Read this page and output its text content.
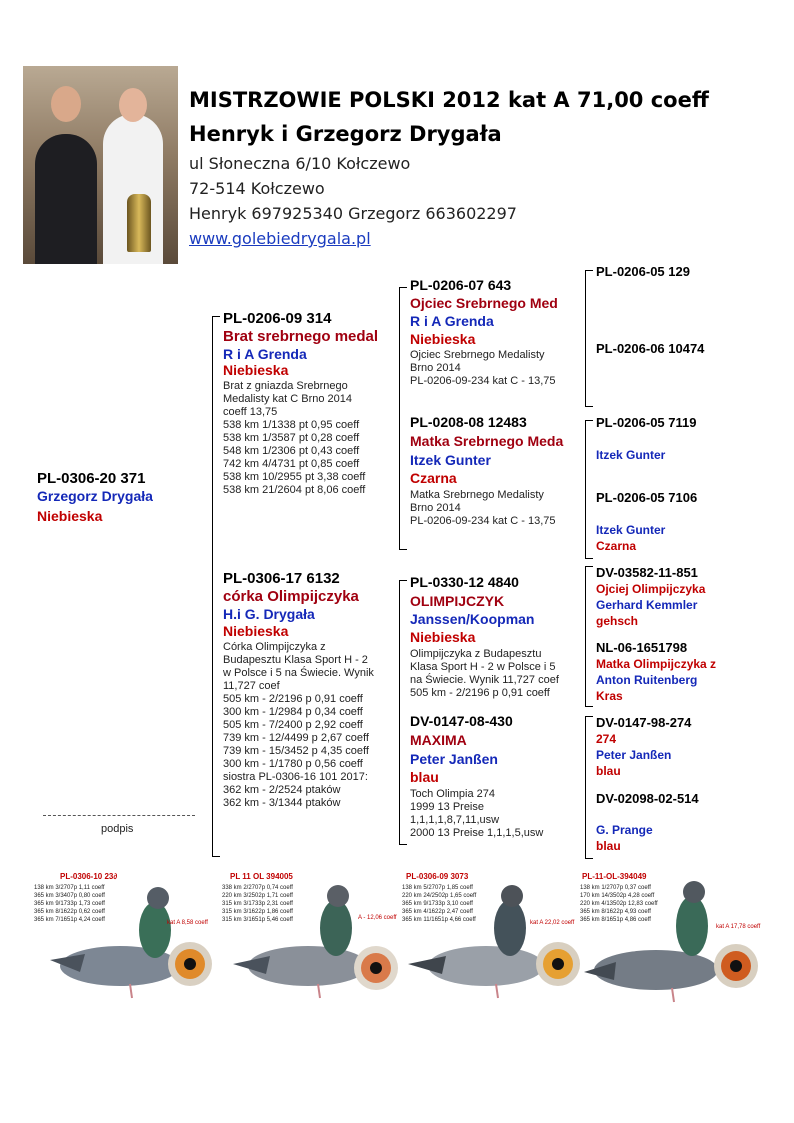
MISTRZOWIE POLSKI 2012 kat A 71,00 coeff
Henryk i Grzegorz Drygała
ul Słoneczna 6/10 Kołczewo
72-514 Kołczewo
Henryk 697925340 Grzegorz 663602297
www.golebiedrygala.pl
PL-0306-20 371
Grzegorz Drygała
Niebieska
PL-0206-09 314
Brat srebrnego medal
R i A Grenda
Niebieska
Brat z gniazda Srebrnego
Medalisty kat C Brno 2014
coeff 13,75
538 km 1/1338 pt 0,95 coeff
538 km 1/3587 pt 0,28 coeff
548 km 1/2306 pt 0,43 coeff
742 km 4/4731 pt 0,85 coeff
538 km 10/2955 pt 3,38 coeff
538 km 21/2604 pt 8,06 coeff
PL-0306-17 6132
córka Olimpijczyka
H.i G. Drygała
Niebieska
Córka Olimpijczyka z
Budapesztu Klasa Sport H - 2
w Polsce i 5 na Świecie. Wynik
11,727 coef
505 km - 2/2196 p 0,91 coeff
300 km - 1/2984 p 0,34 coeff
505 km - 7/2400 p 2,92 coeff
739 km - 12/4499 p 2,67 coeff
739 km - 15/3452 p 4,35 coeff
300 km - 1/1780 p 0,56 coeff
siostra PL-0306-16 101 2017:
362 km - 2/2524 ptaków
362 km - 3/1344 ptaków
PL-0206-07 643
Ojciec Srebrnego Med
R i A Grenda
Niebieska
Ojciec Srebrnego Medalisty
Brno 2014
PL-0206-09-234 kat C - 13,75
PL-0208-08 12483
Matka Srebrnego Meda
Itzek Gunter
Czarna
Matka Srebrnego Medalisty
Brno 2014
PL-0206-09-234 kat C - 13,75
PL-0330-12 4840
OLIMPIJCZYK
Janssen/Koopman
Niebieska
Olimpijczyka z Budapesztu
Klasa Sport H - 2 w Polsce i 5
na Świecie. Wynik 11,727 coef
505 km - 2/2196 p 0,91 coeff
DV-0147-08-430
MAXIMA
Peter Janßen
blau
Toch Olimpia 274
1999 13 Preise
1,1,1,1,8,7,11,usw
2000 13 Preise 1,1,1,5,usw
PL-0206-05 129
PL-0206-06 10474
PL-0206-05 7119
Itzek Gunter
PL-0206-05 7106
Itzek Gunter
Czarna
DV-03582-11-851
Ojciej Olimpijczyka
Gerhard Kemmler
gehsch
NL-06-1651798
Matka Olimpijczyka z
Anton Ruitenberg
Kras
DV-0147-98-274
274
Peter Janßen
blau
DV-02098-02-514
G. Prange
blau
podpis
PL-0306-10 23∂
138 km 3/2707p 1,11 coeff
365 km 3/3407p 0,80 coeff
365 km 9/1733p 1,73 coeff
365 km 8/1622p 0,62 coeff
365 km 7/1651p 4,24 coeff	kat A 8,58 coeff
PL 11 OL 394005
338 km 2/2707p 0,74 coeff
220 km 3/2502p 1,71 coeff
315 km 3/1733p 2,31 coeff
315 km 3/1622p 1,86 coeff
315 km 3/1651p 5,46 coeff	A - 12,06 coeff
PL-0306-09 3073
138 km 5/2707p 1,85 coeff
220 km 24/2502p 1,65 coeff
365 km 9/1733p 3,10 coeff
365 km 4/1622p 2,47 coeff
365 km 11/1651p 4,66 coeff	kat A 22,02 coeff
PL-11-OL-394049
138 km 1/2707p 0,37 coeff
170 km 14/3502p 4,28 coeff
220 km 4/13502p 12,83 coeff
365 km 8/1622p 4,93 coeff
365 km 8/1651p 4,86 coeff
kat A 17,78 coeff
